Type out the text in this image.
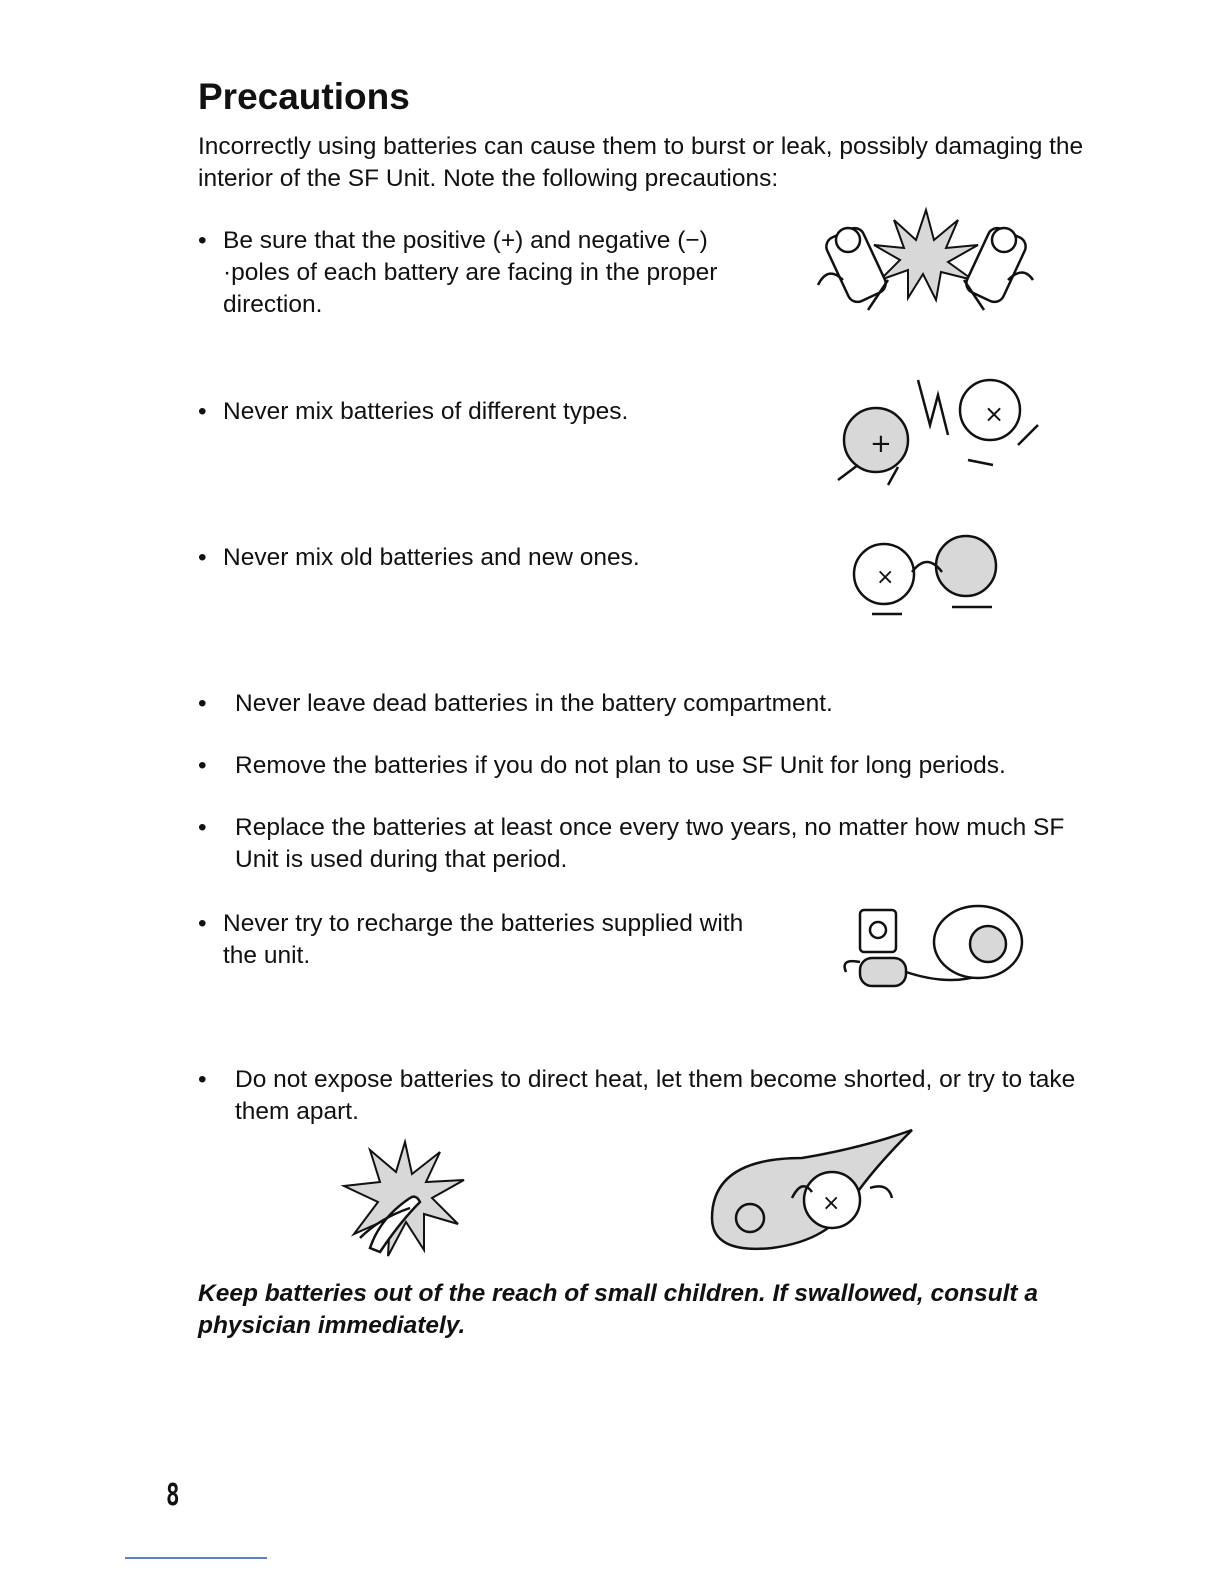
Precautions

Incorrectly using batteries can cause them to burst or leak, possibly damaging the interior of the SF Unit. Note the following precautions:

• Be sure that the positive (+) and negative (−) ·poles of each battery are facing in the proper direction.
• Never mix batteries of different types.
+
×
• Never mix old batteries and new ones.
×
•	Never leave dead batteries in the battery compartment.
•	Remove the batteries if you do not plan to use SF Unit for long periods.
•	Replace the batteries at least once every two years, no matter how much SF Unit is used during that period.
• Never try to recharge the batteries supplied with the unit.
•	Do not expose batteries to direct heat, let them become shorted, or try to take them apart.
×

Keep batteries out of the reach of small children. If swallowed, consult a physician immediately.

8
